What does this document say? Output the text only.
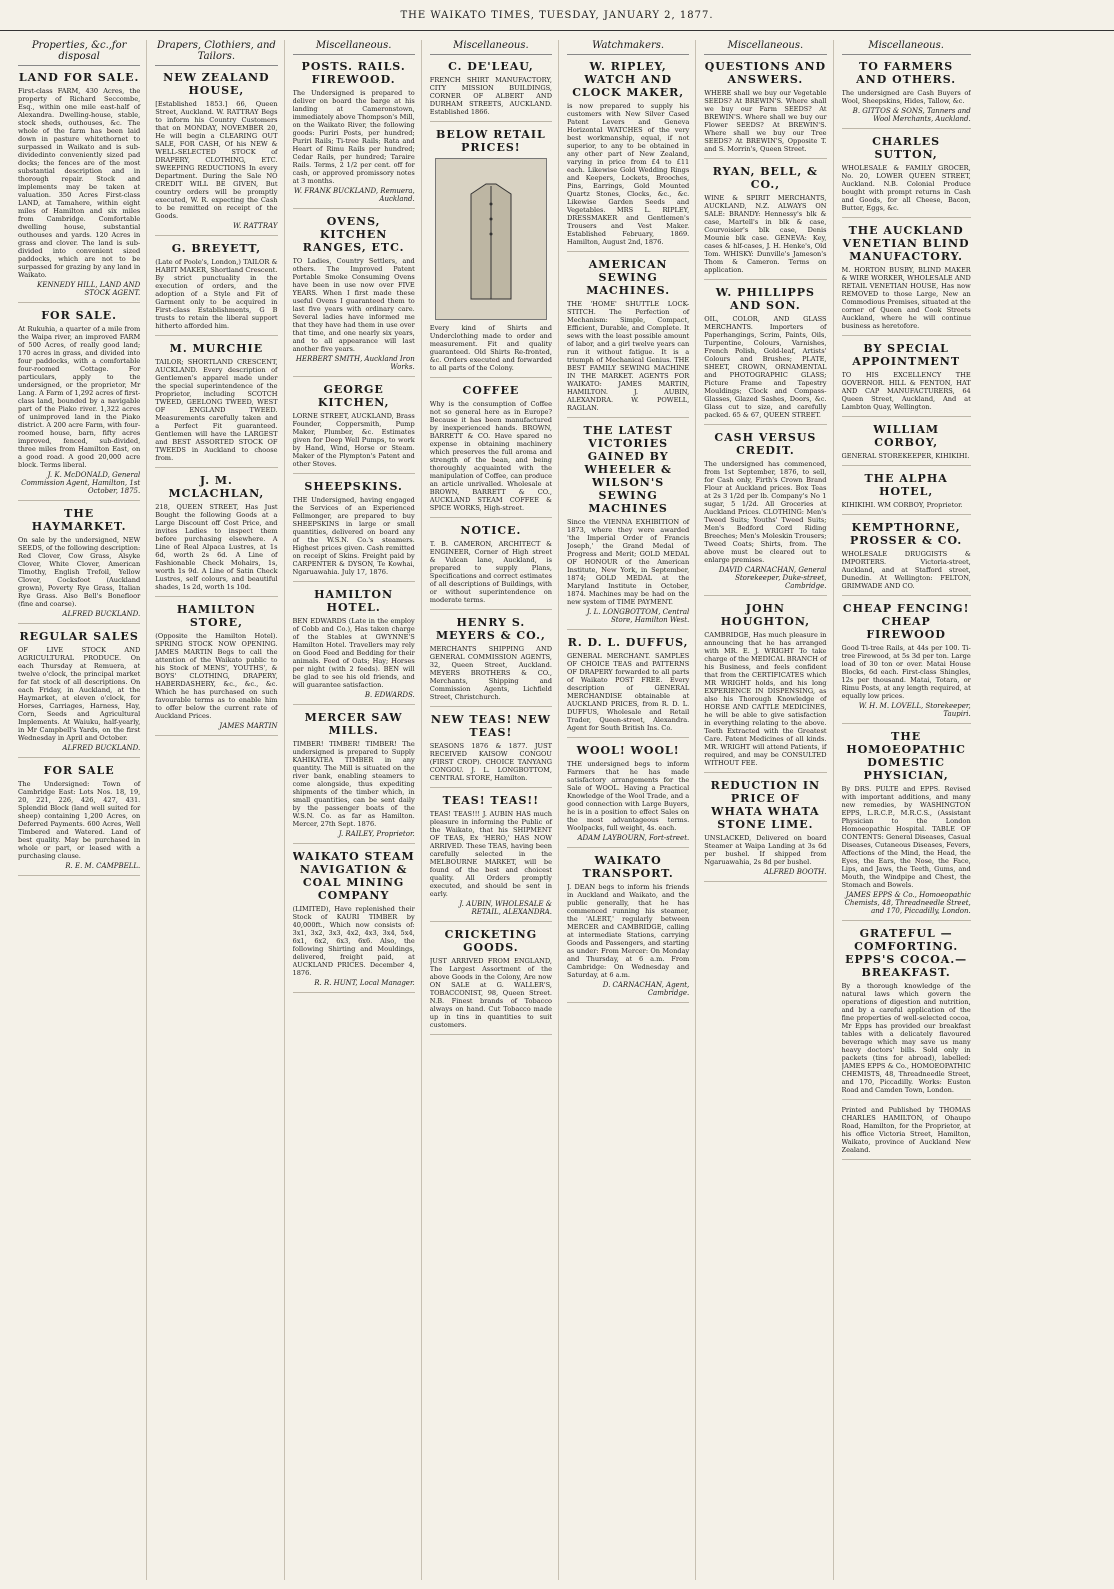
THE WAIKATO TIMES, TUESDAY, JANUARY 2, 1877.
Properties, &c.,for disposal
LAND FOR SALE.
First-class FARM, 430 Acres, the property of Richard Seccombe, Esq., within one mile east-half of Alexandra. Dwelling-house, stable, stock sheds, outhouses, &c. The whole of the farm has been laid down in pasture whitethornet to surpassed in Waikato and is sub-dividedinto conveniently sized pad docks; the fences are of the most substantial description and in thorough repair. Stock and implements may be taken at valuation. 350 Acres First-class LAND, at Tamahere, within eight miles of Hamilton and six miles from Cambridge. Comfortable dwelling house, substantial outhouses and yards. 120 Acres in grass and clover. The land is sub-divided into convenient sized paddocks, which are not to be surpassed for grazing by any land in Waikato.
KENNEDY HILL, LAND AND STOCK AGENT.
FOR SALE.
At Rukuhia, a quarter of a mile from the Waipa river, an improved FARM of 500 Acres, of really good land; 170 acres in grass, and divided into four paddocks, with a comfortable four-roomed Cottage. For particulars, apply to the undersigned, or the proprietor, Mr Lang. A Farm of 1,292 acres of first-class land, bounded by a navigable part of the Piako river. 1,322 acres of unimproved land in the Piako district. A 200 acre Farm, with four-roomed house, barn, fifty acres improved, fenced, sub-divided, three miles from Hamilton East, on a good road. A good 20,000 acre block. Terms liberal.
J. K. McDONALD, General Commission Agent, Hamilton, 1st October, 1875.
THE HAYMARKET.
On sale by the undersigned, NEW SEEDS, of the following description: Red Clover, Cow Grass, Alsyke Clover, White Clover, American Timothy, English Trefoil, Yellow Clover, Cocksfoot (Auckland grown), Poverty Rye Grass, Italian Rye Grass. Also Bell's Bonefloor (fine and coarse).
ALFRED BUCKLAND.
REGULAR SALES
OF LIVE STOCK AND AGRICULTURAL PRODUCE. On each Thursday at Remuera, at twelve o'clock, the principal market for fat stock of all descriptions. On each Friday, in Auckland, at the Haymarket, at eleven o'clock, for Horses, Carriages, Harness, Hay, Corn, Seeds and Agricultural Implements. At Waiuku, half-yearly, in Mr Campbell's Yards, on the first Wednesday in April and October.
ALFRED BUCKLAND.
FOR SALE
The Undersigned: Town of Cambridge East: Lots Nos. 18, 19, 20, 221, 226, 426, 427, 431. Splendid Block (land well suited for sheep) containing 1,200 Acres, on Deferred Payments. 600 Acres, Well Timbered and Watered. Land of best quality. May be purchased in whole or part, or leased with a purchasing clause.
R. E. M. CAMPBELL.
Drapers, Clothiers, and Tailors.
NEW ZEALAND HOUSE,
[Established 1853.] 66, Queen Street, Auckland. W. RATTRAY Begs to inform his Country Customers that on MONDAY, NOVEMBER 20, He will begin a CLEARING OUT SALE, FOR CASH, Of his NEW & WELL-SELECTED STOCK of DRAPERY, CLOTHING, ETC. SWEEPING REDUCTIONS In every Department. During the Sale NO CREDIT WILL BE GIVEN, But country orders will be promptly executed, W. R. expecting the Cash to be remitted on receipt of the Goods.
W. RATTRAY
G. BREYETT,
(Late of Poole's, London,) TAILOR & HABIT MAKER, Shortland Crescent. By strict punctuality in the execution of orders, and the adoption of a Style and Fit of Garment only to be acquired in First-class Establishments, G B trusts to retain the liberal support hitherto afforded him.
M. MURCHIE
TAILOR; SHORTLAND CRESCENT, AUCKLAND. Every description of Gentlemen's apparel made under the special superintendence of the Proprietor, including SCOTCH TWEED, GEELONG TWEED, WEST OF ENGLAND TWEED. Measurements carefully taken and a Perfect Fit guaranteed. Gentlemen will have the LARGEST and BEST ASSORTED STOCK OF TWEEDS in Auckland to choose from.
J. M. MCLACHLAN,
218, QUEEN STREET, Has Just Bought the following Goods at a Large Discount off Cost Price, and invites Ladies to inspect them before purchasing elsewhere. A Line of Real Alpaca Lustres, at 1s 6d, worth 2s 6d. A Line of Fashionable Check Mohairs, 1s, worth 1s 9d. A Line of Satin Check Lustres, self colours, and beautiful shades, 1s 2d, worth 1s 10d.
HAMILTON STORE,
(Opposite the Hamilton Hotel). SPRING STOCK NOW OPENING. JAMES MARTIN Begs to call the attention of the Waikato public to his Stock of MENS', YOUTHS', & BOYS' CLOTHING, DRAPERY, HABERDASHERY, &c., &c., &c. Which he has purchased on such favourable terms as to enable him to offer below the current rate of Auckland Prices.
JAMES MARTIN
Miscellaneous.
POSTS. RAILS. FIREWOOD.
The Undersigned is prepared to deliver on board the barge at his landing at Cameronstown, immediately above Thompson's Mill, on the Waikato River, the following goods: Puriri Posts, per hundred; Puriri Rails; Ti-tree Rails; Rata and Heart of Rimu Rails per hundred; Cedar Rails, per hundred; Taraire Rails. Terms, 2 1/2 per cent. off for cash, or approved promissory notes at 3 months.
W. FRANK BUCKLAND, Remuera, Auckland.
OVENS, KITCHEN RANGES, ETC.
TO Ladies, Country Settlers, and others. The Improved Patent Portable Smoke Consuming Ovens have been in use now over FIVE YEARS. When I first made these useful Ovens I guaranteed them to last five years with ordinary care. Several ladies have informed me that they have had them in use over that time, and one nearly six years, and to all appearance will last another five years.
HERBERT SMITH, Auckland Iron Works.
GEORGE KITCHEN,
LORNE STREET, AUCKLAND, Brass Founder, Coppersmith, Pump Maker, Plumber, &c. Estimates given for Deep Well Pumps, to work by Hand, Wind, Horse or Steam. Maker of the Plympton's Patent and other Stoves.
SHEEPSKINS.
THE Undersigned, having engaged the Services of an Experienced Fellmonger, are prepared to buy SHEEPSKINS in large or small quantities, delivered on board any of the W.S.N. Co.'s steamers. Highest prices given. Cash remitted on receipt of Skins. Freight paid by CARPENTER & DYSON, Te Kowhai, Ngaruawahia. July 17, 1876.
HAMILTON HOTEL.
BEN EDWARDS (Late in the employ of Cobb and Co.), Has taken charge of the Stables at GWYNNE'S Hamilton Hotel. Travellers may rely on Good Feed and Bedding for their animals. Feed of Oats; Hay; Horses per night (with 2 feeds). BEN will be glad to see his old friends, and will guarantee satisfaction.
B. EDWARDS.
MERCER SAW MILLS.
TIMBER! TIMBER! TIMBER! The undersigned is prepared to Supply KAHIKATEA TIMBER in any quantity. The Mill is situated on the river bank, enabling steamers to come alongside, thus expediting shipments of the timber which, in small quantities, can be sent daily by the passenger boats of the W.S.N. Co. as far as Hamilton. Mercer, 27th Sept. 1876.
J. RAILEY, Proprietor.
WAIKATO STEAM NAVIGATION & COAL MINING COMPANY
(LIMITED), Have replenished their Stock of KAURI TIMBER by 40,000ft., Which now consists of: 3x1, 3x2, 3x3, 4x2, 4x3, 3x4, 5x4, 6x1, 6x2, 6x3, 6x6. Also, the following Shirting and Mouldings, delivered, freight paid, at AUCKLAND PRICES. December 4, 1876.
R. R. HUNT, Local Manager.
Miscellaneous.
C. DE'LEAU,
FRENCH SHIRT MANUFACTORY, CITY MISSION BUILDINGS, CORNER OF ALBERT AND DURHAM STREETS, AUCKLAND. Established 1866.
BELOW RETAIL PRICES!
Every kind of Shirts and Underclothing made to order and measurement. Fit and quality guaranteed. Old Shirts Re-fronted, &c. Orders executed and forwarded to all parts of the Colony.
COFFEE
Why is the consumption of Coffee not so general here as in Europe? Because it has been manufactured by inexperienced hands. BROWN, BARRETT & CO. Have spared no expense in obtaining machinery which preserves the full aroma and strength of the bean, and being thoroughly acquainted with the manipulation of Coffee, can produce an article unrivalled. Wholesale at BROWN, BARRETT & CO., AUCKLAND STEAM COFFEE & SPICE WORKS, High-street.
NOTICE.
T. B. CAMERON, ARCHITECT & ENGINEER, Corner of High street & Vulcan lane, Auckland, is prepared to supply Plans, Specifications and correct estimates of all descriptions of Buildings, with or without superintendence on moderate terms.
HENRY S. MEYERS & CO.,
MERCHANTS SHIPPING AND GENERAL COMMISSION AGENTS, 32, Queen Street, Auckland. MEYERS BROTHERS & CO., Merchants, Shipping and Commission Agents, Lichfield Street, Christchurch.
NEW TEAS! NEW TEAS!
SEASONS 1876 & 1877. JUST RECEIVED KAISOW CONGOU (FIRST CROP). CHOICE TANYANG CONGOU. J. L. LONGBOTTOM, CENTRAL STORE, Hamilton.
TEAS! TEAS!!
TEAS! TEAS!!! J. AUBIN HAS much pleasure in informing the Public of the Waikato, that his SHIPMENT OF TEAS, Ex 'HERO,' HAS NOW ARRIVED. These TEAS, having been carefully selected in the MELBOURNE MARKET, will be found of the best and choicest quality. All Orders promptly executed, and should be sent in early.
J. AUBIN, WHOLESALE & RETAIL, ALEXANDRA.
CRICKETING GOODS.
JUST ARRIVED FROM ENGLAND, The Largest Assortment of the above Goods in the Colony, Are now ON SALE at G. WALLER'S, TOBACCONIST, 98, Queen Street. N.B. Finest brands of Tobacco always on hand. Cut Tobacco made up in tins in quantities to suit customers.
Watchmakers.
W. RIPLEY, WATCH AND CLOCK MAKER,
is now prepared to supply his customers with New Silver Cased Patent Levers and Geneva Horizontal WATCHES of the very best workmanship, equal, if not superior, to any to be obtained in any other part of New Zealand, varying in price from £4 to £11 each. Likewise Gold Wedding Rings and Keepers, Lockets, Brooches, Pins, Earrings, Gold Mounted Quartz Stones, Clocks, &c., &c. Likewise Garden Seeds and Vegetables. MRS L. RIPLEY, DRESSMAKER and Gentlemen's Trousers and Vest Maker. Established February, 1869. Hamilton, August 2nd, 1876.
AMERICAN SEWING MACHINES.
THE 'HOME' SHUTTLE LOCK-STITCH. The Perfection of Mechanism: Simple, Compact, Efficient, Durable, and Complete. It sews with the least possible amount of labor, and a girl twelve years can run it without fatigue. It is a triumph of Mechanical Genius. THE BEST FAMILY SEWING MACHINE IN THE MARKET. AGENTS FOR WAIKATO: JAMES MARTIN, HAMILTON. J. AUBIN, ALEXANDRA. W. POWELL, RAGLAN.
THE LATEST VICTORIES GAINED BY WHEELER & WILSON'S SEWING MACHINES
Since the VIENNA EXHIBITION of 1873, where they were awarded 'the Imperial Order of Francis Joseph,' the Grand Medal of Progress and Merit; GOLD MEDAL OF HONOUR of the American Institute, New York, in September, 1874; GOLD MEDAL at the Maryland Institute in October, 1874. Machines may be had on the new system of TIME PAYMENT.
J. L. LONGBOTTOM, Central Store, Hamilton West.
R. D. L. DUFFUS,
GENERAL MERCHANT. SAMPLES OF CHOICE TEAS and PATTERNS OF DRAPERY forwarded to all parts of Waikato POST FREE. Every description of GENERAL MERCHANDISE obtainable at AUCKLAND PRICES, from R. D. L. DUFFUS, Wholesale and Retail Trader, Queen-street, Alexandra. Agent for South British Ins. Co.
WOOL! WOOL!
THE undersigned begs to inform Farmers that he has made satisfactory arrangements for the Sale of WOOL. Having a Practical Knowledge of the Wool Trade, and a good connection with Large Buyers, he is in a position to effect Sales on the most advantageous terms. Woolpacks, full weight, 4s. each.
ADAM LAYBOURN, Fort-street.
WAIKATO TRANSPORT.
J. DEAN begs to inform his friends in Auckland and Waikato, and the public generally, that he has commenced running his steamer, the 'ALERT,' regularly between MERCER and CAMBRIDGE, calling at intermediate Stations, carrying Goods and Passengers, and starting as under: From Mercer: On Monday and Thursday, at 6 a.m. From Cambridge: On Wednesday and Saturday, at 6 a.m.
D. CARNACHAN, Agent, Cambridge.
Miscellaneous.
QUESTIONS AND ANSWERS.
WHERE shall we buy our Vegetable SEEDS? At BREWIN'S. Where shall we buy our Farm SEEDS? At BREWIN'S. Where shall we buy our Flower SEEDS? At BREWIN'S. Where shall we buy our Tree SEEDS? At BREWIN'S, Opposite T. and S. Morrin's, Queen Street.
RYAN, BELL, & CO.,
WINE & SPIRIT MERCHANTS, AUCKLAND, N.Z. ALWAYS ON SALE: BRANDY: Hennessy's blk & case, Martell's in blk & case, Courvoisier's blk case, Denis Mounie blk case. GENEVA: Key, cases & hlf-cases, J. H. Henke's, Old Tom. WHISKY: Dunville's Jameson's Thom & Cameron. Terms on application.
W. PHILLIPPS AND SON.
OIL, COLOR, AND GLASS MERCHANTS. Importers of Paperhangings, Scrim, Paints, Oils, Turpentine, Colours, Varnishes, French Polish, Gold-leaf, Artists' Colours and Brushes; PLATE, SHEET, CROWN, ORNAMENTAL and PHOTOGRAPHIC GLASS; Picture Frame and Tapestry Mouldings; Clock and Compass-Glasses, Glazed Sashes, Doors, &c. Glass cut to size, and carefully packed. 65 & 67, QUEEN STREET.
CASH VERSUS CREDIT.
The undersigned has commenced, from 1st September, 1876, to sell, for Cash only, Firth's Crown Brand Flour at Auckland prices. Box Teas at 2s 3 1/2d per lb. Company's No 1 sugar, 5 1/2d. All Groceries at Auckland Prices. CLOTHING: Men's Tweed Suits; Youths' Tweed Suits; Men's Bedford Cord Riding Breeches; Men's Moleskin Trousers; Tweed Coats; Shirts, from. The above must be cleared out to enlarge premises.
DAVID CARNACHAN, General Storekeeper, Duke-street, Cambridge.
JOHN HOUGHTON,
CAMBRIDGE, Has much pleasure in announcing that he has arranged with MR. E. J. WRIGHT To take charge of the MEDICAL BRANCH of his Business, and feels confident that from the CERTIFICATES which MR WRIGHT holds, and his long EXPERIENCE IN DISPENSING, as also his Thorough Knowledge of HORSE AND CATTLE MEDICINES, he will be able to give satisfaction in everything relating to the above. Teeth Extracted with the Greatest Care. Patent Medicines of all kinds. MR. WRIGHT will attend Patients, if required, and may be CONSULTED WITHOUT FEE.
REDUCTION IN PRICE OF WHATA WHATA STONE LIME.
UNSLACKED, Delivered on board Steamer at Waipa Landing at 3s 6d per bushel. If shipped from Ngaruawahia, 2s 8d per bushel.
ALFRED BOOTH.
Miscellaneous.
TO FARMERS AND OTHERS.
The undersigned are Cash Buyers of Wool, Sheepskins, Hides, Tallow, &c.
B. GITTOS & SONS, Tanners and Wool Merchants, Auckland.
CHARLES SUTTON,
WHOLESALE & FAMILY GROCER, No. 20, LOWER QUEEN STREET, Auckland. N.B. Colonial Produce bought with prompt returns in Cash and Goods, for all Cheese, Bacon, Butter, Eggs, &c.
THE AUCKLAND VENETIAN BLIND MANUFACTORY.
M. HORTON BUSBY, BLIND MAKER & WIRE WORKER, WHOLESALE AND RETAIL VENETIAN HOUSE, Has now REMOVED to those Large, New an Commodious Premises, situated at the corner of Queen and Cook Streets Auckland, where he will continue business as heretofore.
BY SPECIAL APPOINTMENT
TO HIS EXCELLENCY THE GOVERNOR. HILL & FENTON, HAT AND CAP MANUFACTURERS, 64 Queen Street, Auckland, And at Lambton Quay, Wellington.
WILLIAM CORBOY,
GENERAL STOREKEEPER, KIHIKIHI.
THE ALPHA HOTEL,
KIHIKIHI. WM CORBOY, Proprietor.
KEMPTHORNE, PROSSER & CO.
WHOLESALE DRUGGISTS & IMPORTERS. Victoria-street, Auckland, and at Stafford street, Dunedin. At Wellington: FELTON, GRIMWADE AND CO.
CHEAP FENCING! CHEAP FIREWOOD
Good Ti-tree Rails, at 44s per 100. Ti-tree Firewood, at 5s 3d per ton. Large load of 30 ton or over. Matai House Blocks, 6d each. First-class Shingles, 12s per thousand. Matai, Totara, or Rimu Posts, at any length required, at equally low prices.
W. H. M. LOVELL, Storekeeper, Taupiri.
THE HOMOEOPATHIC DOMESTIC PHYSICIAN,
By DRS. PULTE and EPPS. Revised with important additions, and many new remedies, by WASHINGTON EPPS, L.R.C.P., M.R.C.S., (Assistant Physician to the London Homoeopathic Hospital. TABLE OF CONTENTS: General Diseases, Casual Diseases, Cutaneous Diseases, Fevers, Affections of the Mind, the Head, the Eyes, the Ears, the Nose, the Face, Lips, and Jaws, the Teeth, Gums, and Mouth, the Windpipe and Chest, the Stomach and Bowels.
JAMES EPPS & Co., Homoeopathic Chemists, 48, Threadneedle Street, and 170, Piccadilly, London.
GRATEFUL — COMFORTING. EPPS'S COCOA.—BREAKFAST.
By a thorough knowledge of the natural laws which govern the operations of digestion and nutrition, and by a careful application of the fine properties of well-selected cocoa, Mr Epps has provided our breakfast tables with a delicately flavoured beverage which may save us many heavy doctors' bills. Sold only in packets (tins for abroad), labelled: JAMES EPPS & Co., HOMOEOPATHIC CHEMISTS, 48, Threadneedle Street, and 170, Piccadilly. Works: Euston Road and Camden Town, London.
Printed and Published by THOMAS CHARLES HAMILTON, of Ohaupo Road, Hamilton, for the Proprietor, at his office Victoria Street, Hamilton, Waikato, province of Auckland New Zealand.
